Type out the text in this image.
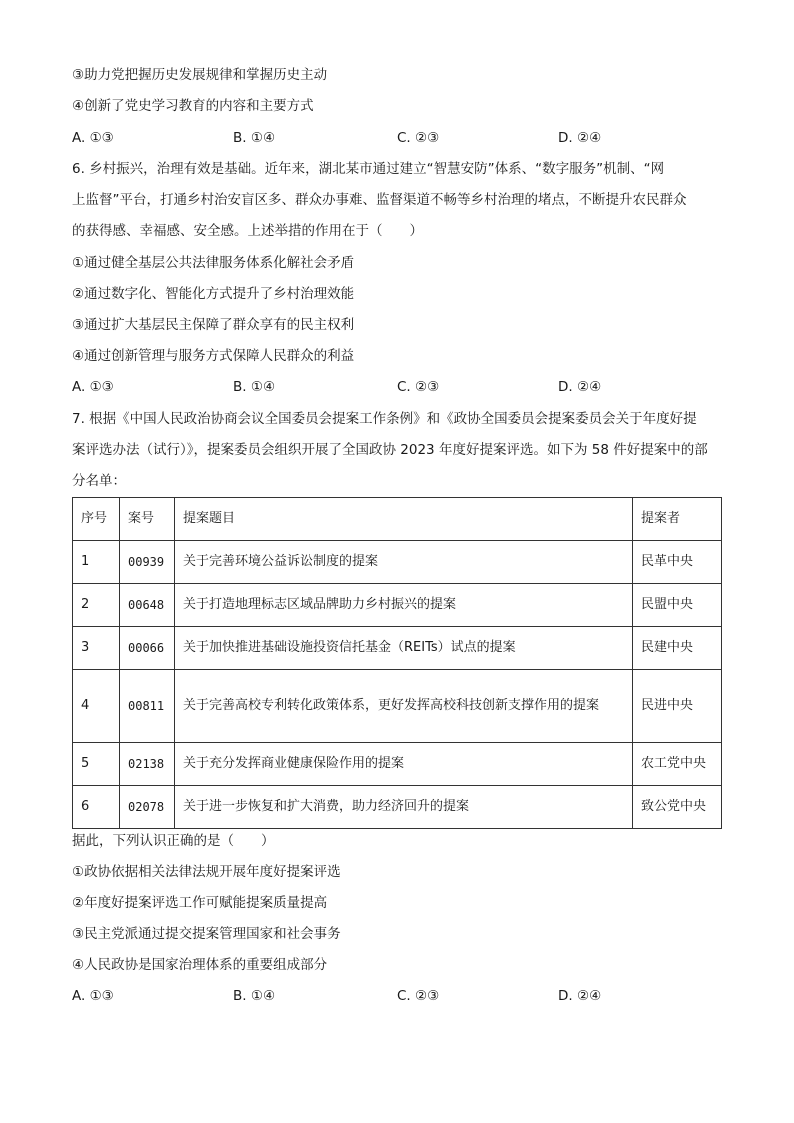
③助力党把握历史发展规律和掌握历史主动
④创新了党史学习教育的内容和主要方式
A. ①③	B. ①④	C. ②③	D. ②④
6. 乡村振兴，治理有效是基础。近年来，湖北某市通过建立“智慧安防”体系、“数字服务”机制、“网
上监督”平台，打通乡村治安盲区多、群众办事难、监督渠道不畅等乡村治理的堵点，不断提升农民群众
的获得感、幸福感、安全感。上述举措的作用在于（　　）
①通过健全基层公共法律服务体系化解社会矛盾
②通过数字化、智能化方式提升了乡村治理效能
③通过扩大基层民主保障了群众享有的民主权利
④通过创新管理与服务方式保障人民群众的利益
A. ①③	B. ①④	C. ②③	D. ②④
7. 根据《中国人民政治协商会议全国委员会提案工作条例》和《政协全国委员会提案委员会关于年度好提
案评选办法（试行）》，提案委员会组织开展了全国政协 2023 年度好提案评选。如下为 58 件好提案中的部
分名单：
序号	案号	提案题目	提案者
1	00939	关于完善环境公益诉讼制度的提案	民革中央
2	00648	关于打造地理标志区域品牌助力乡村振兴的提案	民盟中央
3	00066	关于加快推进基础设施投资信托基金（REITs）试点的提案	民建中央
4	00811	关于完善高校专利转化政策体系，更好发挥高校科技创新支撑作用的提案	民进中央
5	02138	关于充分发挥商业健康保险作用的提案	农工党中央
6	02078	关于进一步恢复和扩大消费，助力经济回升的提案	致公党中央
据此，下列认识正确的是（　　）
①政协依据相关法律法规开展年度好提案评选
②年度好提案评选工作可赋能提案质量提高
③民主党派通过提交提案管理国家和社会事务
④人民政协是国家治理体系的重要组成部分
A. ①③	B. ①④	C. ②③	D. ②④
